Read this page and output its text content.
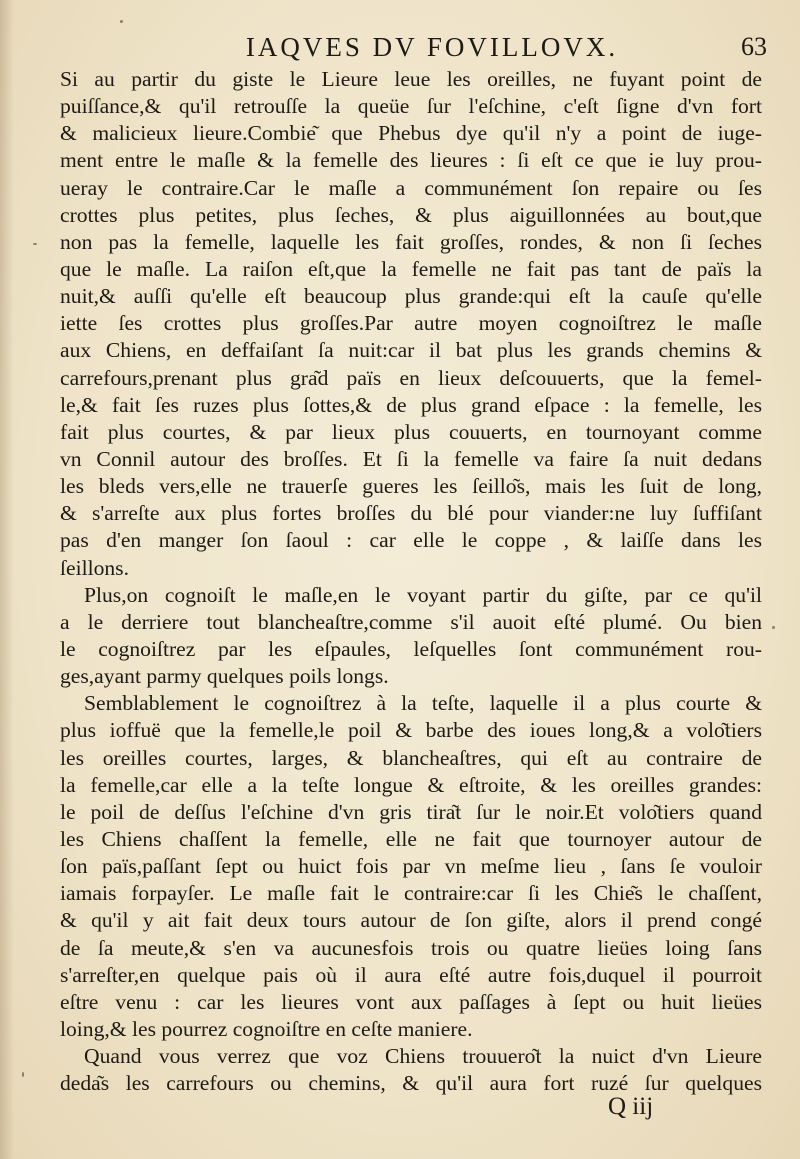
IAQVES DV FOVILLOVX.	63
Si au partir du giste le Lieure leue les oreilles, ne fuyant point de
puiſſance,& qu'il retrouſſe la queüe ſur l'eſchine, c'eſt ſigne d'vn fort
& malicieux lieure.Combie͂ que Phebus dye qu'il n'y a point de iuge-
ment entre le maſle & la femelle des lieures : ſi eſt ce que ie luy prou-
ueray le contraire.Car le maſle a communément ſon repaire ou ſes
crottes plus petites, plus ſeches, & plus aiguillonnées au bout,que
non pas la femelle, laquelle les fait groſſes, rondes, & non ſi ſeches
que le maſle. La raiſon eſt,que la femelle ne fait pas tant de païs la
nuit,& auſſi qu'elle eſt beaucoup plus grande:qui eſt la cauſe qu'elle
iette ſes crottes plus groſſes.Par autre moyen cognoiſtrez le maſle
aux Chiens, en deffaiſant ſa nuit:car il bat plus les grands chemins &
carrefours,prenant plus gra͂d païs en lieux deſcouuerts, que la femel-
le,& fait ſes ruzes plus ſottes,& de plus grand eſpace : la femelle, les
fait plus courtes, & par lieux plus couuerts, en tournoyant comme
vn Connil autour des broſſes. Et ſi la femelle va faire ſa nuit dedans
les bleds vers,elle ne trauerſe gueres les ſeillo͂s, mais les ſuit de long,
& s'arreſte aux plus fortes broſſes du blé pour viander:ne luy ſuffiſant
pas d'en manger ſon ſaoul : car elle le coppe , & laiſſe dans les
ſeillons.
Plus,on cognoiſt le maſle,en le voyant partir du giſte, par ce qu'il
a le derriere tout blancheaſtre,comme s'il auoit eſté plumé. Ou bien
le cognoiſtrez par les eſpaules, leſquelles ſont communément rou-
ges,ayant parmy quelques poils longs.
Semblablement le cognoiſtrez à la teſte, laquelle il a plus courte &
plus ioffuë que la femelle,le poil & barbe des ioues long,& a volo͂tiers
les oreilles courtes, larges, & blancheaſtres, qui eſt au contraire de
la femelle,car elle a la teſte longue & eſtroite, & les oreilles grandes:
le poil de deſſus l'eſchine d'vn gris tira͂t ſur le noir.Et volo͂tiers quand
les Chiens chaſſent la femelle, elle ne fait que tournoyer autour de
ſon païs,paſſant ſept ou huict fois par vn meſme lieu , ſans ſe vouloir
iamais forpayſer. Le maſle fait le contraire:car ſi les Chie͂s le chaſſent,
& qu'il y ait fait deux tours autour de ſon giſte, alors il prend congé
de ſa meute,& s'en va aucunesfois trois ou quatre lieües loing ſans
s'arreſter,en quelque pais où il aura eſté autre fois,duquel il pourroit
eſtre venu : car les lieures vont aux paſſages à ſept ou huit lieües
loing,& les pourrez cognoiſtre en ceſte maniere.
Quand vous verrez que voz Chiens trouuero͂t la nuict d'vn Lieure
deda͂s les carrefours ou chemins, & qu'il aura fort ruzé ſur quelques
Q iij
